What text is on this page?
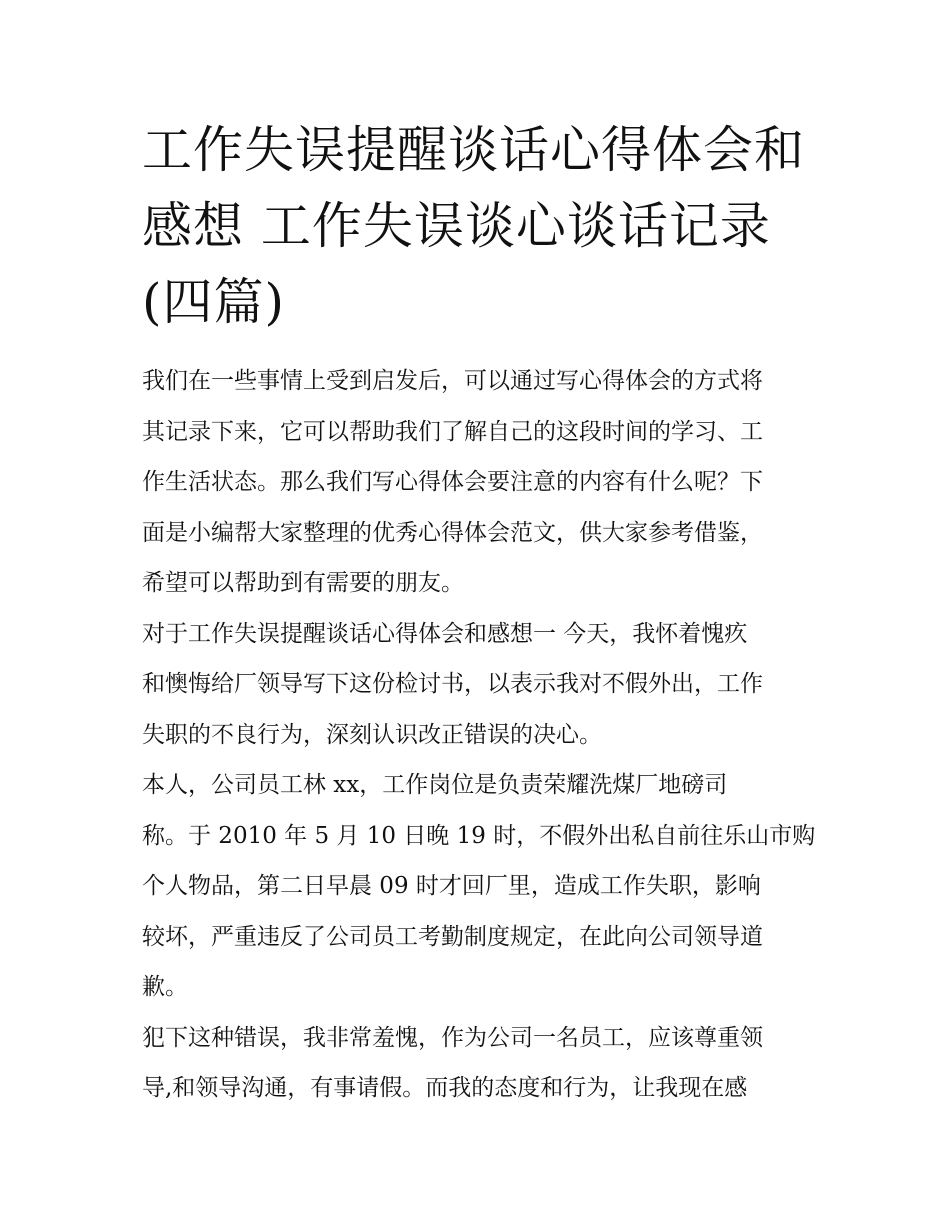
工作失误提醒谈话心得体会和
感想 工作失误谈心谈话记录
(四篇)
我们在一些事情上受到启发后，可以通过写心得体会的方式将
其记录下来，它可以帮助我们了解自己的这段时间的学习、工
作生活状态。那么我们写心得体会要注意的内容有什么呢？下
面是小编帮大家整理的优秀心得体会范文，供大家参考借鉴，
希望可以帮助到有需要的朋友。
对于工作失误提醒谈话心得体会和感想一 今天，我怀着愧疚
和懊悔给厂领导写下这份检讨书，以表示我对不假外出，工作
失职的不良行为，深刻认识改正错误的决心。
本人，公司员工林 xx，工作岗位是负责荣耀洗煤厂地磅司
称。于 2010 年 5 月 10 日晚 19 时，不假外出私自前往乐山市购
个人物品，第二日早晨 09 时才回厂里，造成工作失职，影响
较坏，严重违反了公司员工考勤制度规定，在此向公司领导道
歉。
犯下这种错误，我非常羞愧，作为公司一名员工，应该尊重领
导,和领导沟通，有事请假。而我的态度和行为，让我现在感
